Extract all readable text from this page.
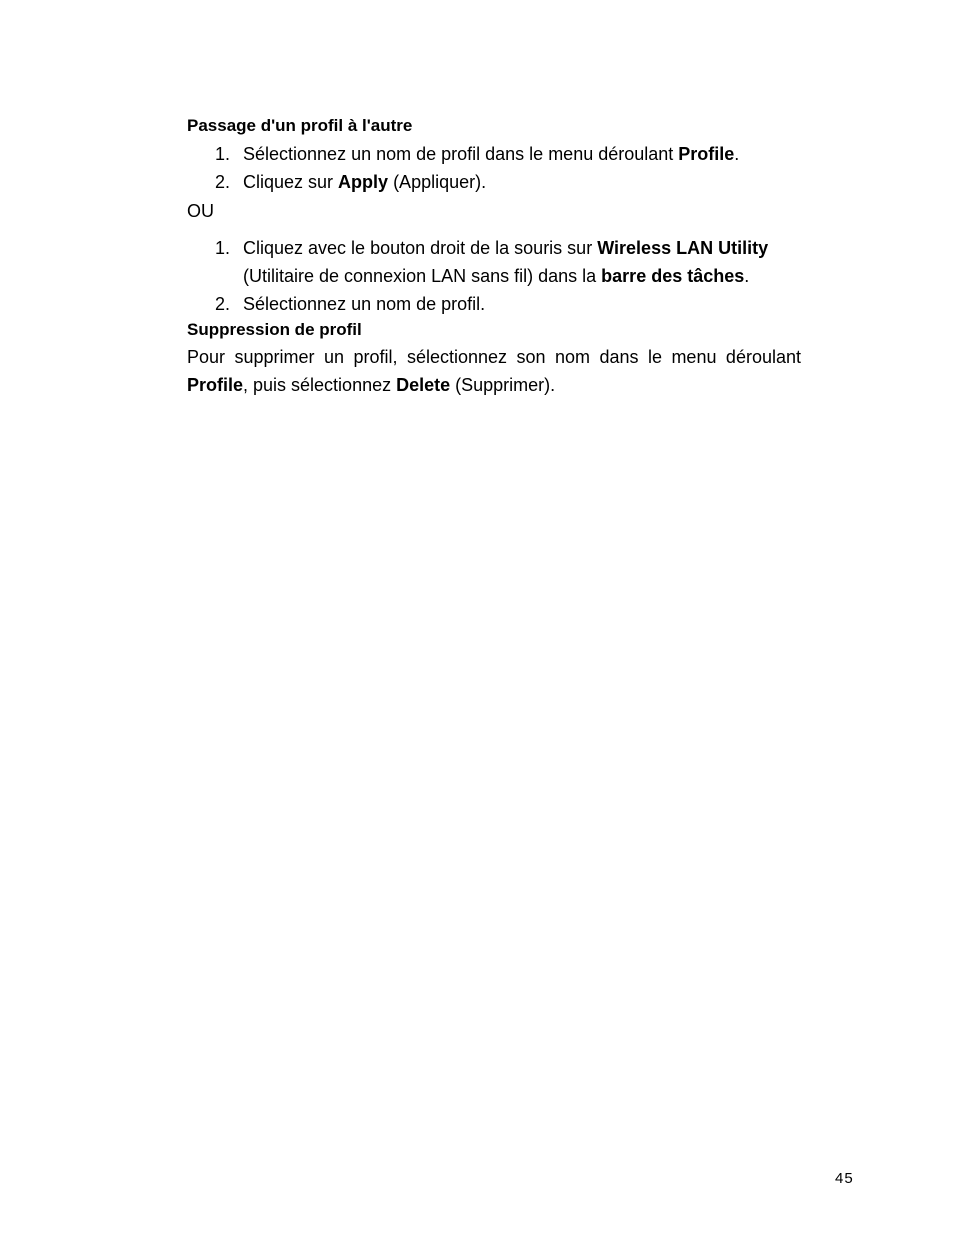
Passage d'un profil à l'autre
1. Sélectionnez un nom de profil dans le menu déroulant Profile.
2. Cliquez sur Apply (Appliquer).
OU
1. Cliquez avec le bouton droit de la souris sur Wireless LAN Utility
(Utilitaire de connexion LAN sans fil) dans la barre des tâches.
2. Sélectionnez un nom de profil.
Suppression de profil
Pour supprimer un profil, sélectionnez son nom dans le menu déroulant
Profile, puis sélectionnez Delete (Supprimer).
45
